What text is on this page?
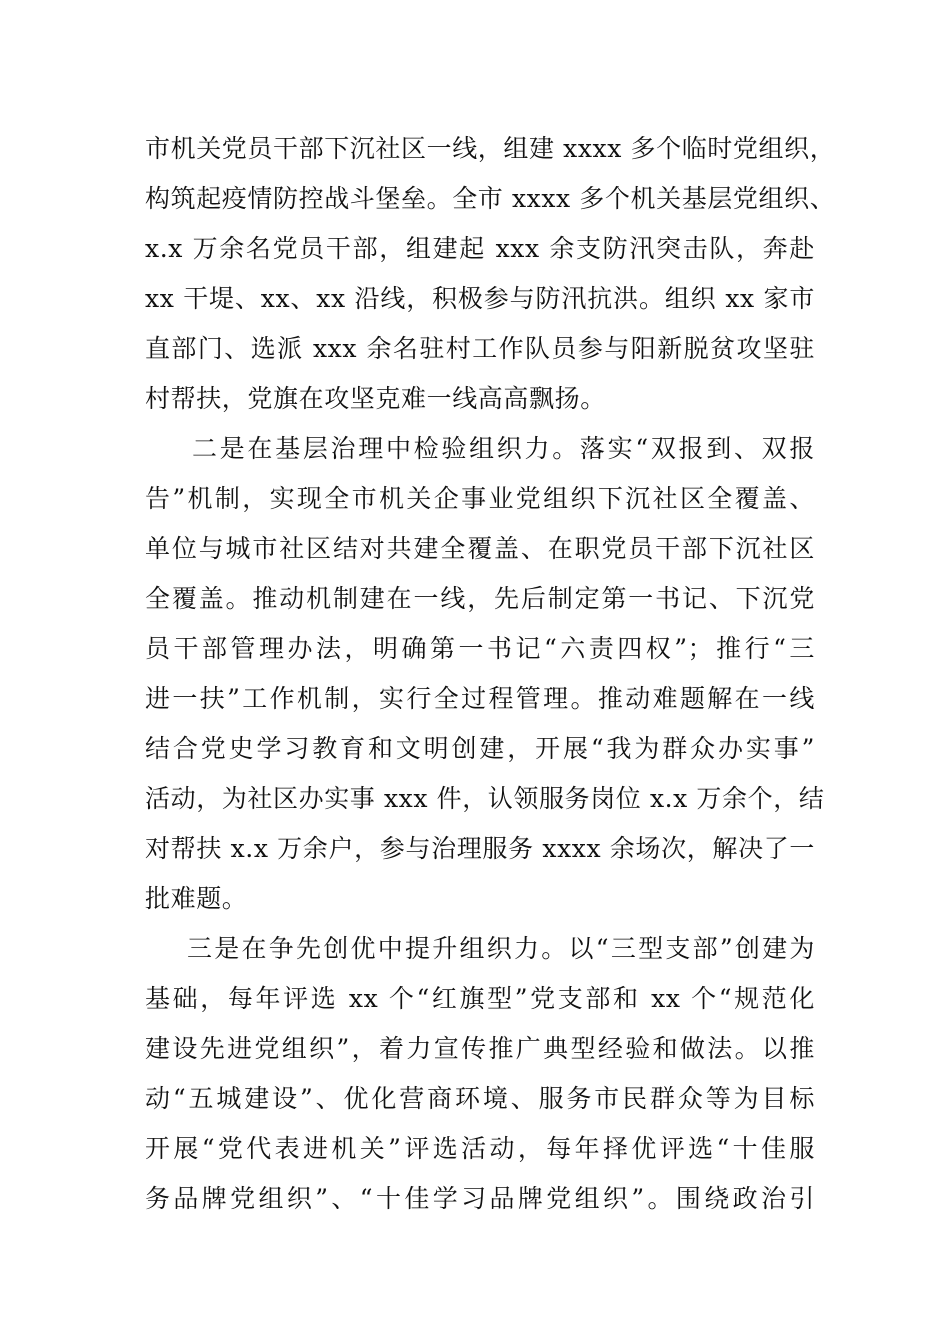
市机关党员干部下沉社区一线，组建 xxxx 多个临时党组织，
构筑起疫情防控战斗堡垒。全市 xxxx 多个机关基层党组织、
x.x 万余名党员干部，组建起 xxx 余支防汛突击队，奔赴
xx 干堤、xx、xx 沿线，积极参与防汛抗洪。组织 xx 家市
直部门、选派 xxx 余名驻村工作队员参与阳新脱贫攻坚驻
村帮扶，党旗在攻坚克难一线高高飘扬。
二是在基层治理中检验组织力。落实“双报到、双报
告”机制，实现全市机关企事业党组织下沉社区全覆盖、
单位与城市社区结对共建全覆盖、在职党员干部下沉社区
全覆盖。推动机制建在一线，先后制定第一书记、下沉党
员干部管理办法，明确第一书记“六责四权”；推行“三
进一扶”工作机制，实行全过程管理。推动难题解在一线
结合党史学习教育和文明创建，开展“我为群众办实事”
活动，为社区办实事 xxx 件，认领服务岗位 x.x 万余个，结
对帮扶 x.x 万余户，参与治理服务 xxxx 余场次，解决了一
批难题。
三是在争先创优中提升组织力。以“三型支部”创建为
基础，每年评选 xx 个“红旗型”党支部和 xx 个“规范化
建设先进党组织”，着力宣传推广典型经验和做法。以推
动“五城建设”、优化营商环境、服务市民群众等为目标
开展“党代表进机关”评选活动，每年择优评选“十佳服
务品牌党组织”、“十佳学习品牌党组织”。围绕政治引
